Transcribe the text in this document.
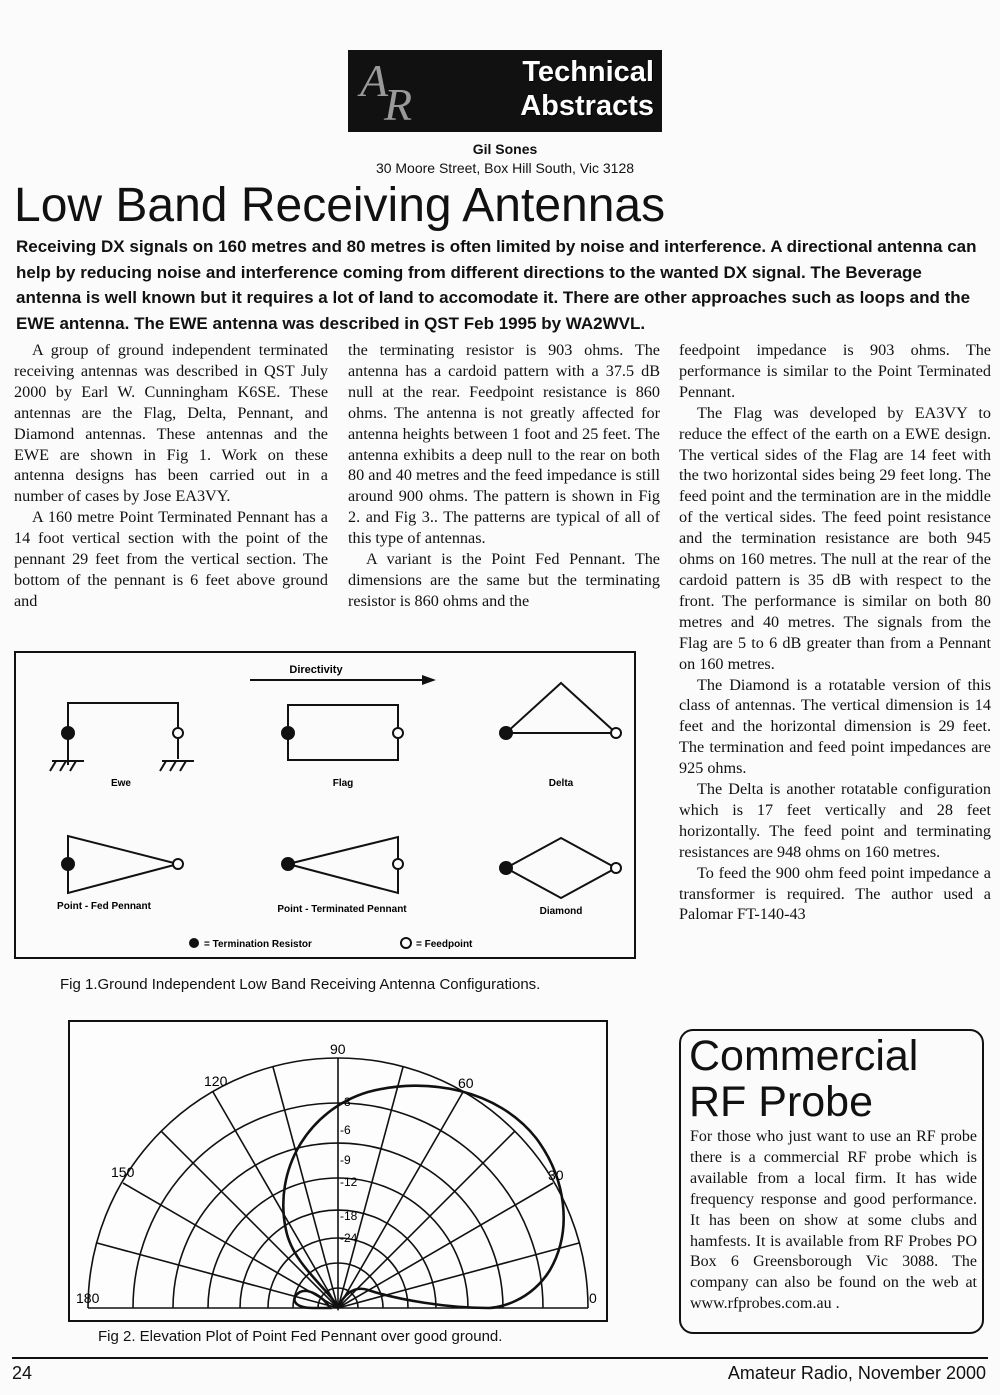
A
R
Technical
Abstracts
Gil Sones
30 Moore Street, Box Hill South, Vic 3128
Low Band Receiving Antennas

Receiving DX signals on 160 metres and 80 metres is often limited by noise and interference. A directional antenna can help by reducing noise and interference coming from different directions to the wanted DX signal. The Beverage antenna is well known but it requires a lot of land to accomodate it. There are other approaches such as loops and the EWE antenna. The EWE antenna was described in QST Feb 1995 by WA2WVL.

A group of ground independent terminated receiving antennas was described in QST July 2000 by Earl W. Cunningham K6SE. These antennas are the Flag, Delta, Pennant, and Diamond antennas. These antennas and the EWE are shown in Fig 1. Work on these antenna designs has been carried out in a number of cases by Jose EA3VY.

A 160 metre Point Terminated Pennant has a 14 foot vertical section with the point of the pennant 29 feet from the vertical section. The bottom of the pennant is 6 feet above ground and

the terminating resistor is 903 ohms. The antenna has a cardoid pattern with a 37.5 dB null at the rear. Feedpoint resistance is 860 ohms. The antenna is not greatly affected for antenna heights between 1 foot and 25 feet. The antenna exhibits a deep null to the rear on both 80 and 40 metres and the feed impedance is still around 900 ohms. The pattern is shown in Fig 2. and Fig 3.. The patterns are typical of all of this type of antennas.

A variant is the Point Fed Pennant. The dimensions are the same but the terminating resistor is 860 ohms and the

feedpoint impedance is 903 ohms. The performance is similar to the Point Terminated Pennant.

The Flag was developed by EA3VY to reduce the effect of the earth on a EWE design. The vertical sides of the Flag are 14 feet with the two horizontal sides being 29 feet long. The feed point and the termination are in the middle of the vertical sides. The feed point resistance and the termination resistance are both 945 ohms on 160 metres. The null at the rear of the cardoid pattern is 35 dB with respect to the front. The performance is similar on both 80 metres and 40 metres. The signals from the Flag are 5 to 6 dB greater than from a Pennant on 160 metres.

The Diamond is a rotatable version of this class of antennas. The vertical dimension is 14 feet and the horizontal dimension is 29 feet. The termination and feed point impedances are 925 ohms.

The Delta is another rotatable configuration which is 17 feet vertically and 28 feet horizontally. The feed point and terminating resistances are 948 ohms on 160 metres.

To feed the 900 ohm feed point impedance a transformer is required. The author used a Palomar FT-140-43

Directivity
Ewe	Flag	Delta
Point - Fed Pennant	Point - Terminated Pennant	Diamond
= Termination Resistor	= Feedpoint
Fig 1.Ground Independent Low Band Receiving Antenna Configurations.
0
30
60
90
120
150
180
-3
-6
-9
-12
-18
-24
Fig 2. Elevation Plot of Point Fed Pennant over good ground.
Commercial
RF Probe
For those who just want to use an RF probe there is a commercial RF probe which is available from a local firm. It has wide frequency response and good performance. It has been on show at some clubs and hamfests. It is available from RF Probes PO Box 6 Greensborough Vic 3088. The company can also be found on the web at www.rfprobes.com.au .
24	Amateur Radio, November 2000
